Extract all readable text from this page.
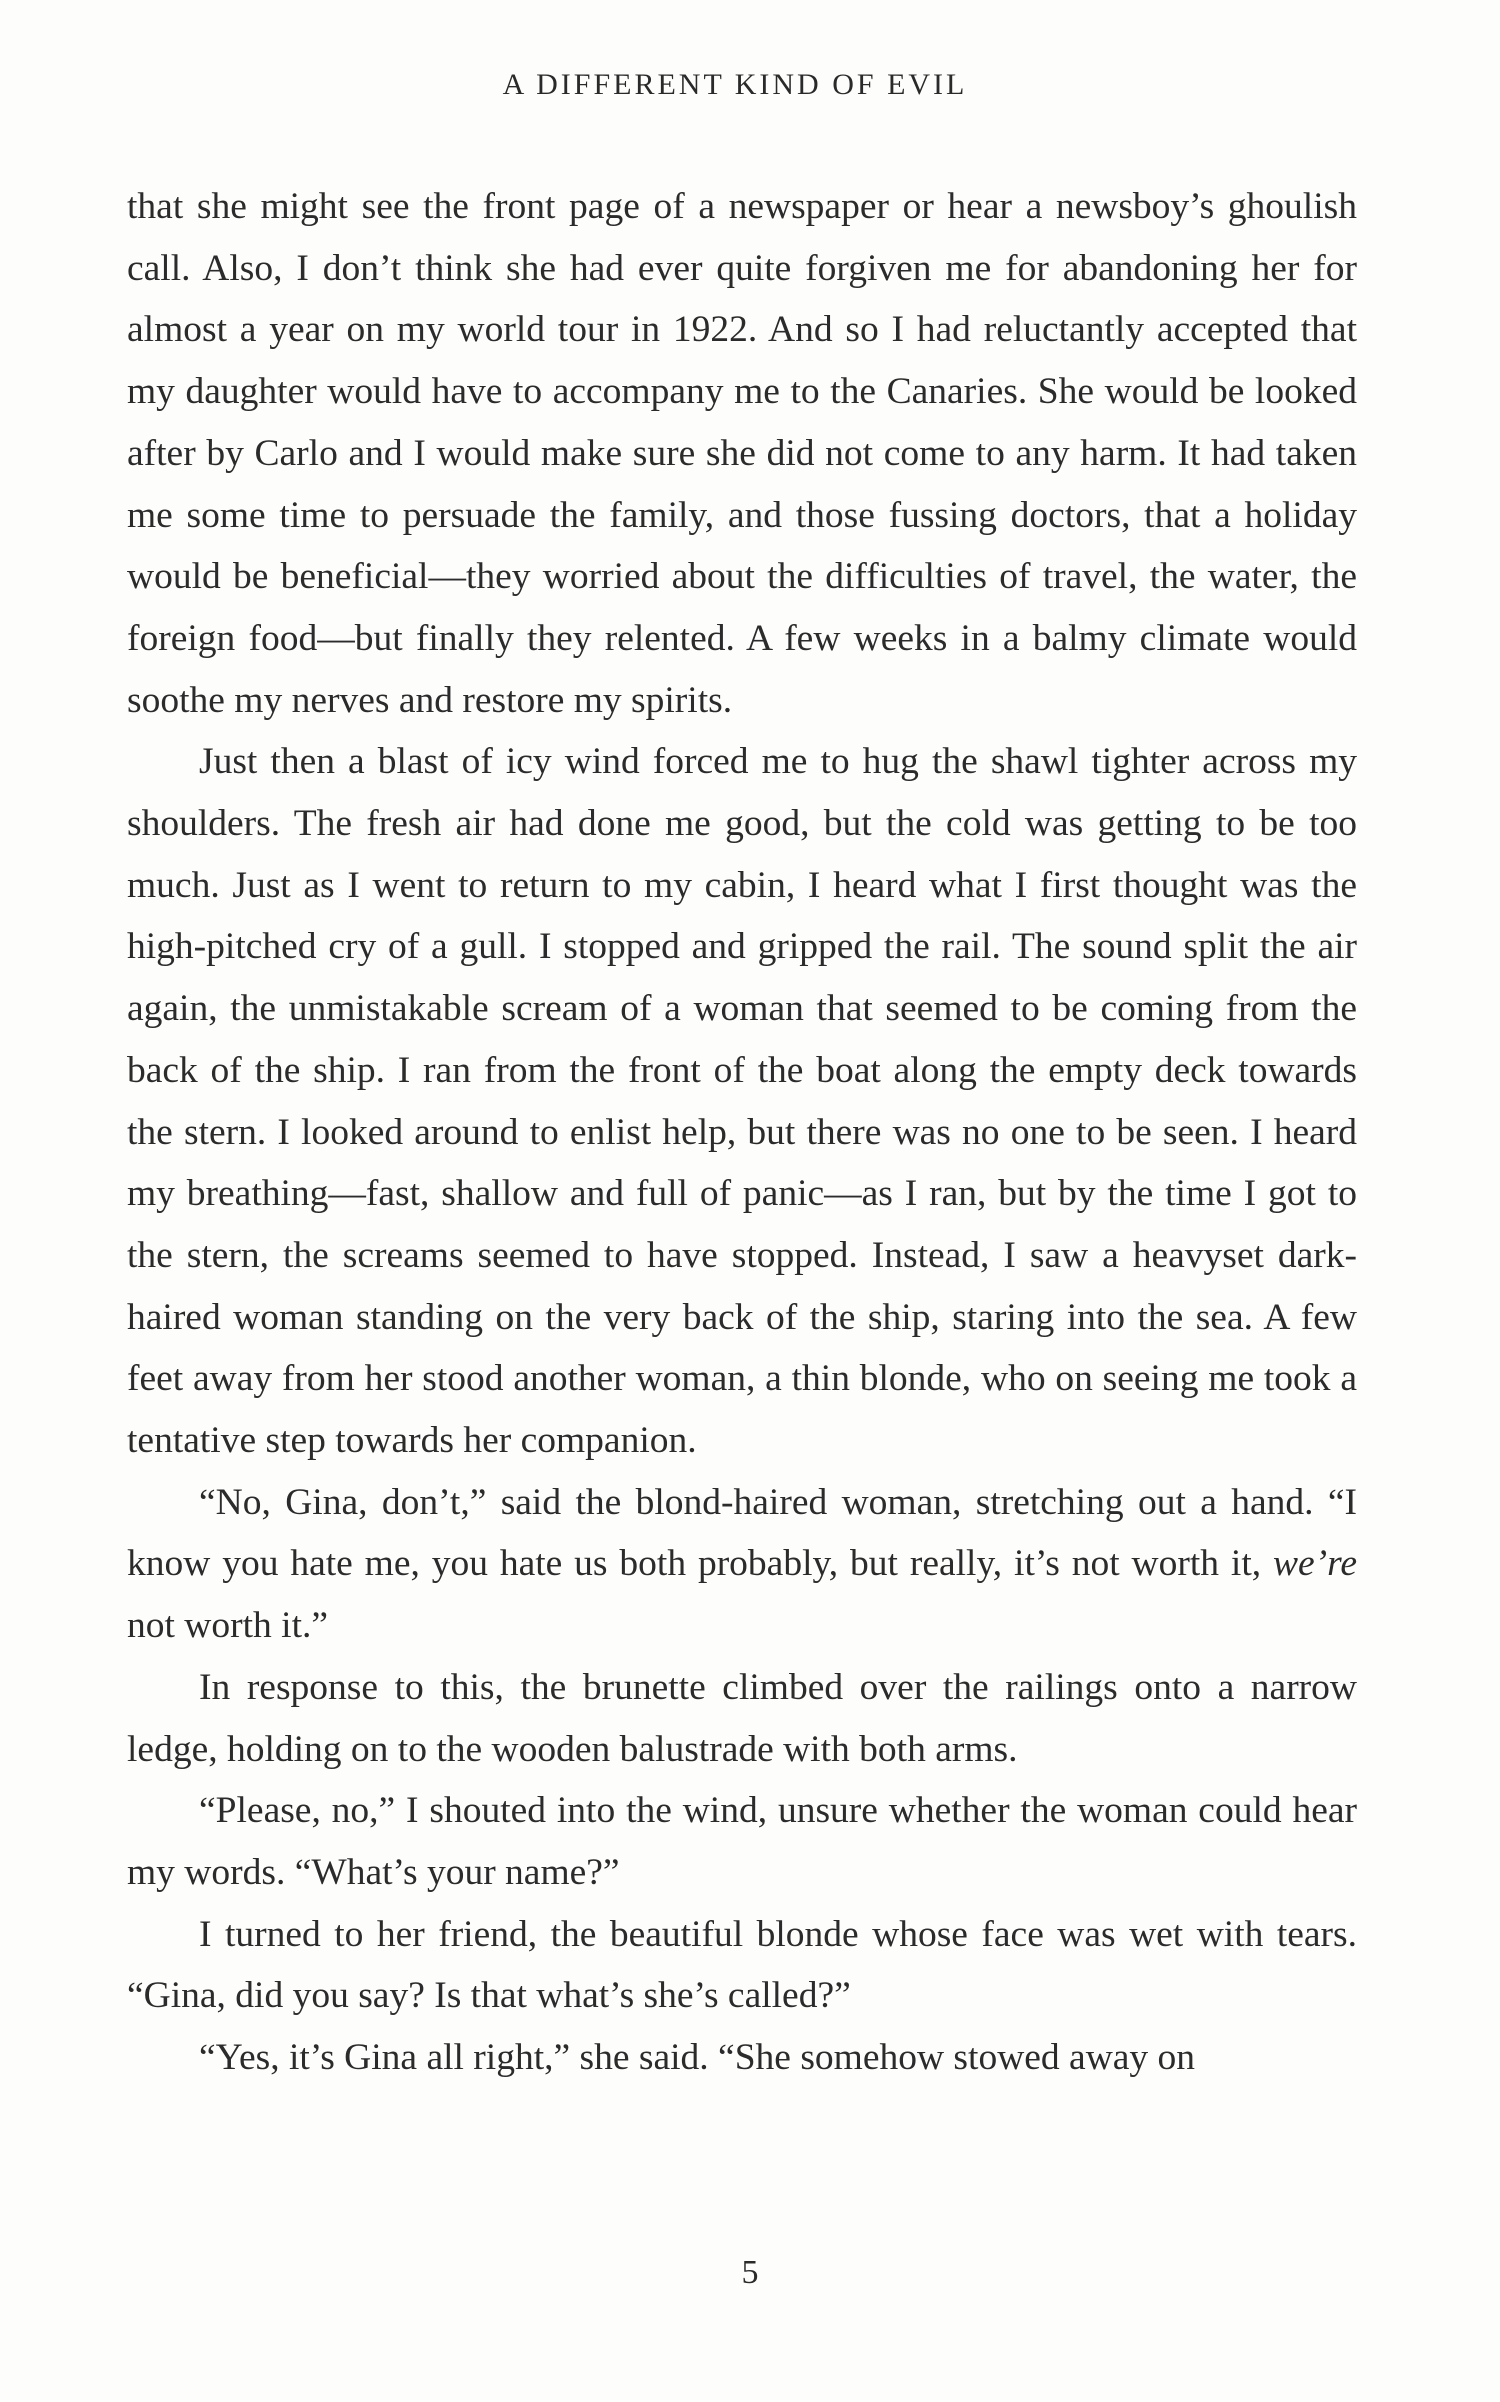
A DIFFERENT KIND OF EVIL

that she might see the front page of a newspaper or hear a newsboy’s ghoulish call. Also, I don’t think she had ever quite forgiven me for abandoning her for almost a year on my world tour in 1922. And so I had reluctantly accepted that my daughter would have to accompany me to the Canaries. She would be looked after by Carlo and I would make sure she did not come to any harm. It had taken me some time to persuade the family, and those fussing doctors, that a holiday would be beneficial—they worried about the difficulties of travel, the water, the foreign food—but finally they relented. A few weeks in a balmy climate would soothe my nerves and restore my spirits.

Just then a blast of icy wind forced me to hug the shawl tighter across my shoulders. The fresh air had done me good, but the cold was getting to be too much. Just as I went to return to my cabin, I heard what I first thought was the high-pitched cry of a gull. I stopped and gripped the rail. The sound split the air again, the unmistakable scream of a woman that seemed to be coming from the back of the ship. I ran from the front of the boat along the empty deck towards the stern. I looked around to enlist help, but there was no one to be seen. I heard my breathing—fast, shallow and full of panic—as I ran, but by the time I got to the stern, the screams seemed to have stopped. Instead, I saw a heavyset dark-haired woman standing on the very back of the ship, staring into the sea. A few feet away from her stood another woman, a thin blonde, who on seeing me took a tentative step towards her companion.

“No, Gina, don’t,” said the blond-haired woman, stretching out a hand. “I know you hate me, you hate us both probably, but really, it’s not worth it, we’re not worth it.”

In response to this, the brunette climbed over the railings onto a narrow ledge, holding on to the wooden balustrade with both arms.

“Please, no,” I shouted into the wind, unsure whether the woman could hear my words. “What’s your name?”

I turned to her friend, the beautiful blonde whose face was wet with tears. “Gina, did you say? Is that what’s she’s called?”

“Yes, it’s Gina all right,” she said. “She somehow stowed away on

5
